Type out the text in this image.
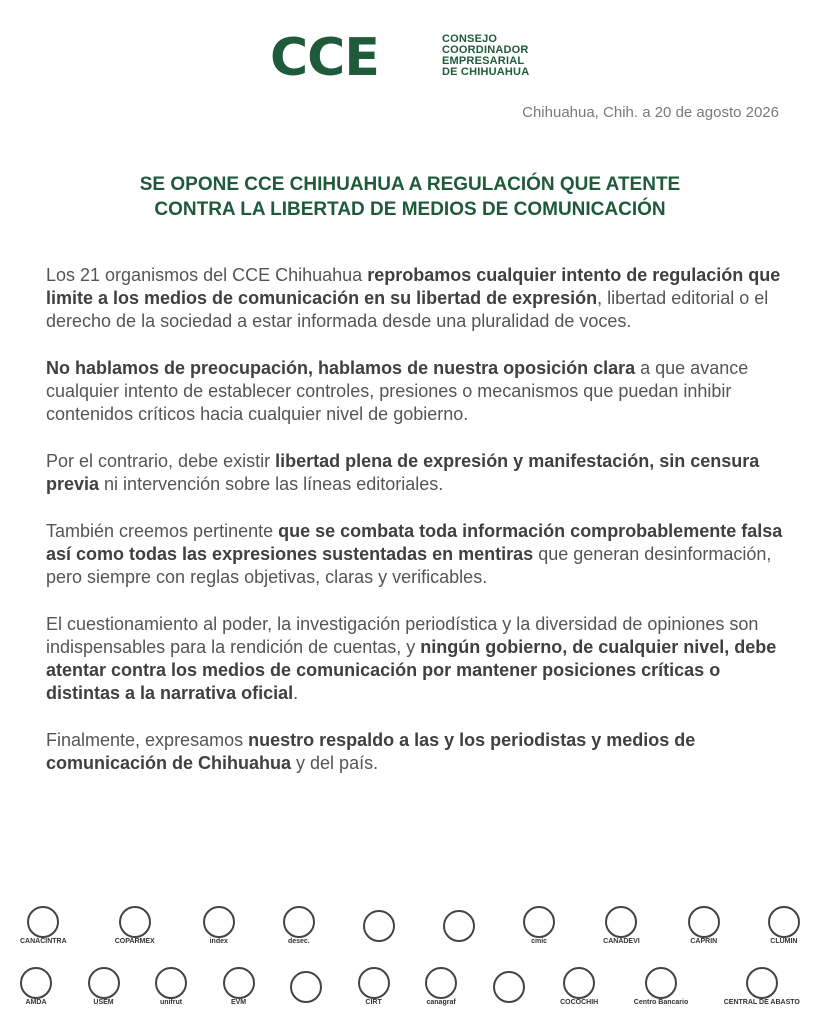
CCE	CONSEJO
COORDINADOR
EMPRESARIAL
DE CHIHUAHUA
Chihuahua, Chih. a 20 de agosto 2026
SE OPONE CCE CHIHUAHUA A REGULACIÓN QUE ATENTE
CONTRA LA LIBERTAD DE MEDIOS DE COMUNICACIÓN
Los 21 organismos del CCE Chihuahua reprobamos cualquier intento de regulación que limite a los medios de comunicación en su libertad de expresión, libertad editorial o el derecho de la sociedad a estar informada desde una pluralidad de voces.
No hablamos de preocupación, hablamos de nuestra oposición clara a que avance cualquier intento de establecer controles, presiones o mecanismos que puedan inhibir contenidos críticos hacia cualquier nivel de gobierno.
Por el contrario, debe existir libertad plena de expresión y manifestación, sin censura previa ni intervención sobre las líneas editoriales.
También creemos pertinente que se combata toda información comprobablemente falsa así como todas las expresiones sustentadas en mentiras que generan desinformación, pero siempre con reglas objetivas, claras y verificables.
El cuestionamiento al poder, la investigación periodística y la diversidad de opiniones son indispensables para la rendición de cuentas, y ningún gobierno, de cualquier nivel, debe atentar contra los medios de comunicación por mantener posiciones críticas o distintas a la narrativa oficial.
Finalmente, expresamos nuestro respaldo a las y los periodistas y medios de comunicación de Chihuahua y del país.
CANACINTRA	COPARMEX	index	desec.	cmic	CANADEVI	CAPRIN	CLUMIN
AMDA	USEM	unifrut	EVM	CIRT	canagraf	COCOCHIH	Centro Bancario	CENTRAL DE ABASTO
